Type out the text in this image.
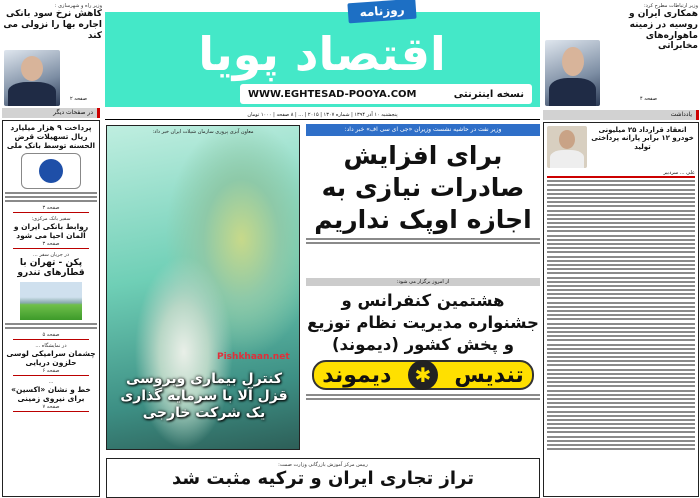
وزیر راه و شهرسازی :
کاهش نرخ سود بانکی اجاره بها را نزولی می کند
صفحه ۲
اقتصاد پویا
روزنامه
WWW.EGHTESAD-POOYA.COM	نسخه اینترنتی
پنجشنبه ۱۰ آذر ۱۳۹۴ | شماره ۱۳۰۷ | ۲۰۱۵ | ... | ۸ صفحه | ۱۰۰۰ تومان
وزیر ارتباطات مطرح کرد:
همکاری ایران و روسیه در زمینه ماهواره‌های مخابراتی
صفحه ۴
در صفحات دیگر
پرداخت ۹ هزار میلیارد ریال تسهیلات قرض الحسنه توسط بانک ملی
صفحه ۳
سفیر بانک مرکزی:
روابط بانکی ایران و آلمان احیا می شود
صفحه ۳
در جریان سفر ...
پکن - تهران با قطارهای تندرو
صفحه ۵
در نمایشگاه ...
چشمان سرامیکی لوسی حلزون دریایی
صفحه ۶
...
خط و نشان «اکسین» برای نیروی زمینی
صفحه ۷
معاون آبزی پروری سازمان شیلات ایران خبر داد:
Pishkhaan.net
کنترل بیماری ویروسی قزل آلا با سرمایه گذاری یک شرکت خارجی
وزیر نفت در حاشیه نشست وزیران «جی ای سی اف» خبر داد:
برای افزایش صادرات نیازی به اجازه اوپک نداریم
از امروز برگزار می شود:
هشتمین کنفرانس و جشنواره مدیریت نظام توزیع و پخش کشور (دیموند)
تندیس
✱
دیموند
رییس مرکز آموزش بازرگانی وزارت صمت:
تراز تجاری ایران و ترکیه مثبت شد
یادداشت
انعقاد قرارداد ۲۵ میلیونی خودرو ۱۲ برابر پارانه پرداختی تولید
علی ... سردبیر
